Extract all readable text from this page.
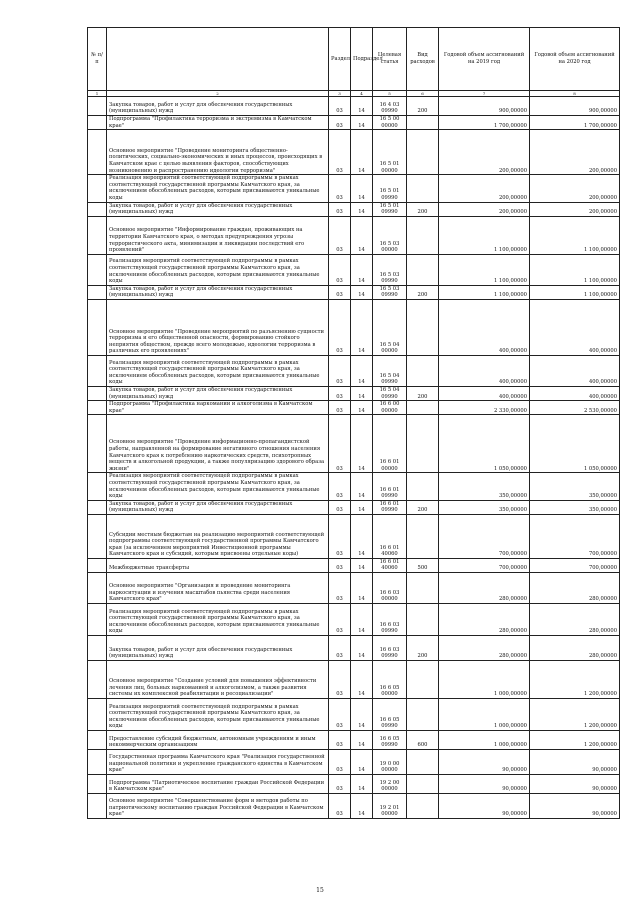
№ п/п		Раздел	Подраздел	Целевая статья	Вид расходов	Годовой объем ассигнований на 2019 год	Годовой объем ассигнований на 2020 год
1	2	3	4	5	6	7	8
	Закупка товаров, работ и услуг для обеспечения государственных (муниципальных) нужд	03	14	16 4 03 09990	200	900,00000	900,00000
	Подпрограмма "Профилактика терроризма и экстремизма в Камчатском крае"	03	14	16 5 00 00000		1 700,00000	1 700,00000
	Основное мероприятие "Проведение мониторинга общественно-политических, социально-экономических и иных процессов, происходящих в Камчатском крае с целью выявления факторов, способствующих возникновению и распространению идеологии терроризма"	03	14	16 5 01 00000		200,00000	200,00000
	Реализация мероприятий соответствующей подпрограммы в рамках соответствующей государственной программы Камчатского края, за исключением обособленных расходов, которым присваиваются уникальные коды	03	14	16 5 01 09990		200,00000	200,00000
	Закупка товаров, работ и услуг для обеспечения государственных (муниципальных) нужд	03	14	16 5 01 09990	200	200,00000	200,00000
	Основное мероприятие "Информирование граждан, проживающих на территории Камчатского края, о методах предупреждения угрозы террористического акта, минимизации и ликвидации последствий его проявлений"	03	14	16 5 03 00000		1 100,00000	1 100,00000
	Реализация мероприятий соответствующей подпрограммы в рамках соответствующей государственной программы Камчатского края, за исключением обособленных расходов, которым присваиваются уникальные коды	03	14	16 5 03 09990		1 100,00000	1 100,00000
	Закупка товаров, работ и услуг для обеспечения государственных (муниципальных) нужд	03	14	16 5 03 09990	200	1 100,00000	1 100,00000
	Основное мероприятие "Проведение мероприятий по разъяснению сущности терроризма и его общественной опасности, формированию стойкого неприятия обществом, прежде всего молодежью, идеологии терроризма в различных его проявлениях"	03	14	16 5 04 00000		400,00000	400,00000
	Реализация мероприятий соответствующей подпрограммы в рамках соответствующей государственной программы Камчатского края, за исключением обособленных расходов, которым присваиваются уникальные коды	03	14	16 5 04 09990		400,00000	400,00000
	Закупка товаров, работ и услуг для обеспечения государственных (муниципальных) нужд	03	14	16 5 04 09990	200	400,00000	400,00000
	Подпрограмма "Профилактика наркомании и алкоголизма в Камчатском крае"	03	14	16 6 00 00000		2 330,00000	2 530,00000
	Основное мероприятие "Проведение информационно-пропагандистской работы, направленной на формирование негативного отношения населения Камчатского края к потреблению наркотических средств, психотропных веществ и алкогольной продукции, а также популяризацию здорового образа жизни"	03	14	16 6 01 00000		1 050,00000	1 050,00000
	Реализация мероприятий соответствующей подпрограммы в рамках соответствующей государственной программы Камчатского края, за исключением обособленных расходов, которым присваиваются уникальные коды	03	14	16 6 01 09990		350,00000	350,00000
	Закупка товаров, работ и услуг для обеспечения государственных (муниципальных) нужд	03	14	16 6 01 09990	200	350,00000	350,00000
	Субсидии местным бюджетам на реализацию мероприятий соответствующей подпрограммы соответствующей государственной программы Камчатского края (за исключением мероприятий Инвестиционной программы Камчатского края и субсидий, которым присвоены отдельные коды)	03	14	16 6 01 40060		700,00000	700,00000
	Межбюджетные трансферты	03	14	16 6 01 40060	500	700,00000	700,00000
	Основное мероприятие "Организация и проведение мониторинга наркоситуации и изучения масштабов пьянства среди населения Камчатского края"	03	14	16 6 03 00000		280,00000	280,00000
	Реализация мероприятий соответствующей подпрограммы в рамках соответствующей государственной программы Камчатского края, за исключением обособленных расходов, которым присваиваются уникальные коды	03	14	16 6 03 09990		280,00000	280,00000
	Закупка товаров, работ и услуг для обеспечения государственных (муниципальных) нужд	03	14	16 6 03 09990	200	280,00000	280,00000
	Основное мероприятие "Создание условий для повышения эффективности лечения лиц, больных наркоманией и алкоголизмом, а также развития системы их комплексной реабилитации и ресоциализации"	03	14	16 6 05 00000		1 000,00000	1 200,00000
	Реализация мероприятий соответствующей подпрограммы в рамках соответствующей государственной программы Камчатского края, за исключением обособленных расходов, которым присваиваются уникальные коды	03	14	16 6 05 09990		1 000,00000	1 200,00000
	Предоставление субсидий бюджетным, автономным учреждениям и иным некоммерческим организациям	03	14	16 6 05 09990	600	1 000,00000	1 200,00000
	Государственная программа Камчатского края "Реализация государственной национальной политики и укрепление гражданского единства в Камчатском крае"	03	14	19 0 00 00000		90,00000	90,00000
	Подпрограмма "Патриотическое воспитание граждан Российской Федерации в Камчатском крае"	03	14	19 2 00 00000		90,00000	90,00000
	Основное мероприятие "Совершенствование форм и методов работы по патриотическому воспитанию граждан Российской Федерации в Камчатском крае"	03	14	19 2 01 00000		90,00000	90,00000
15
